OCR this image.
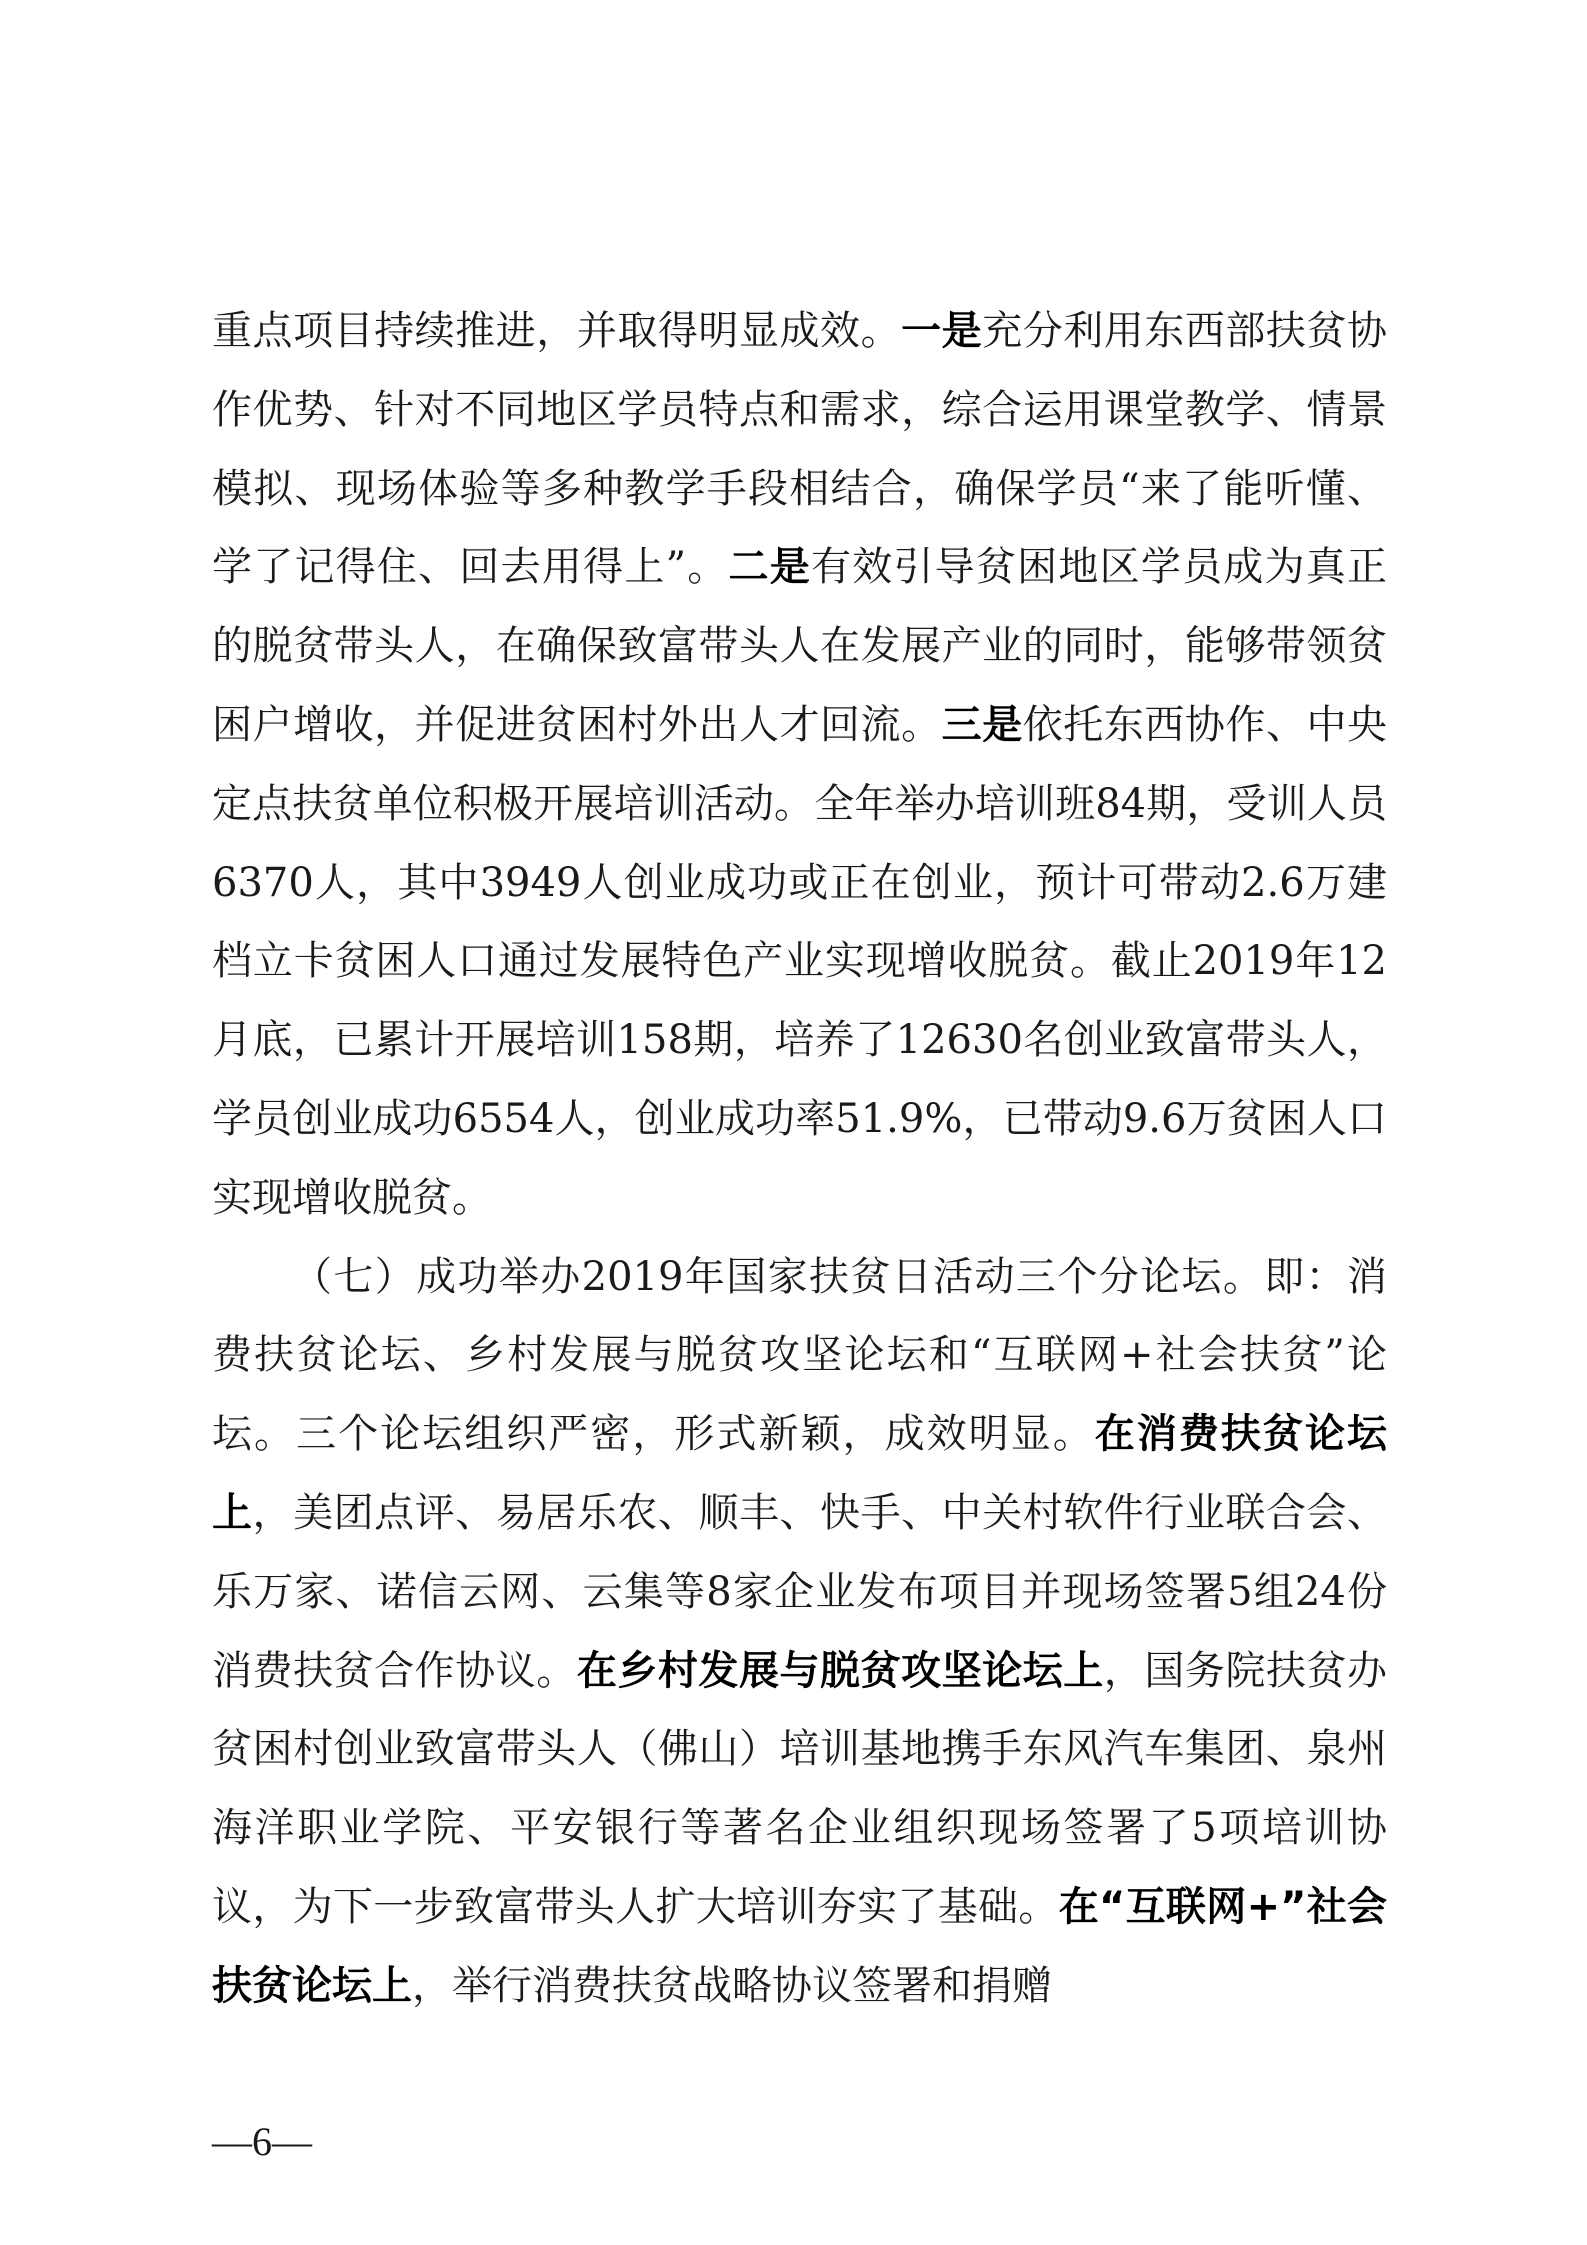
重点项目持续推进，并取得明显成效。一是充分利用东西部扶贫协作优势、针对不同地区学员特点和需求，综合运用课堂教学、情景模拟、现场体验等多种教学手段相结合，确保学员“来了能听懂、学了记得住、回去用得上”。二是有效引导贫困地区学员成为真正的脱贫带头人，在确保致富带头人在发展产业的同时，能够带领贫困户增收，并促进贫困村外出人才回流。三是依托东西协作、中央定点扶贫单位积极开展培训活动。全年举办培训班84期，受训人员6370人，其中3949人创业成功或正在创业，预计可带动2.6万建档立卡贫困人口通过发展特色产业实现增收脱贫。截止2019年12月底，已累计开展培训158期，培养了12630名创业致富带头人，学员创业成功6554人，创业成功率51.9%，已带动9.6万贫困人口实现增收脱贫。

（七）成功举办2019年国家扶贫日活动三个分论坛。即：消费扶贫论坛、乡村发展与脱贫攻坚论坛和“互联网+社会扶贫”论坛。三个论坛组织严密，形式新颖，成效明显。在消费扶贫论坛上，美团点评、易居乐农、顺丰、快手、中关村软件行业联合会、乐万家、诺信云网、云集等8家企业发布项目并现场签署5组24份消费扶贫合作协议。在乡村发展与脱贫攻坚论坛上，国务院扶贫办贫困村创业致富带头人（佛山）培训基地携手东风汽车集团、泉州海洋职业学院、平安银行等著名企业组织现场签署了5项培训协议，为下一步致富带头人扩大培训夯实了基础。在“互联网+”社会扶贫论坛上，举行消费扶贫战略协议签署和捐赠

—6—
